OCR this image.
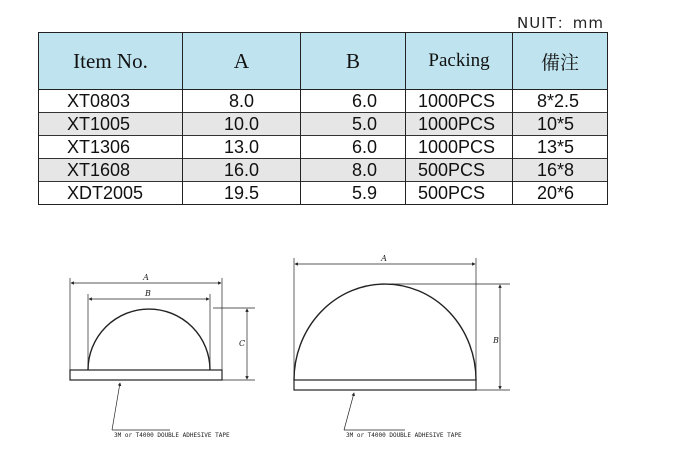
NUIT：mm
Item No.	A	B	Packing	備注
XT0803	8.0	6.0	1000PCS	8*2.5
XT1005	10.0	5.0	1000PCS	10*5
XT1306	13.0	6.0	1000PCS	13*5
XT1608	16.0	8.0	500PCS	16*8
XDT2005	19.5	5.9	500PCS	20*6
A
B
C
3M or T4000 DOUBLE ADHESIVE TAPE
A
B
3M or T4000 DOUBLE ADHESIVE TAPE
